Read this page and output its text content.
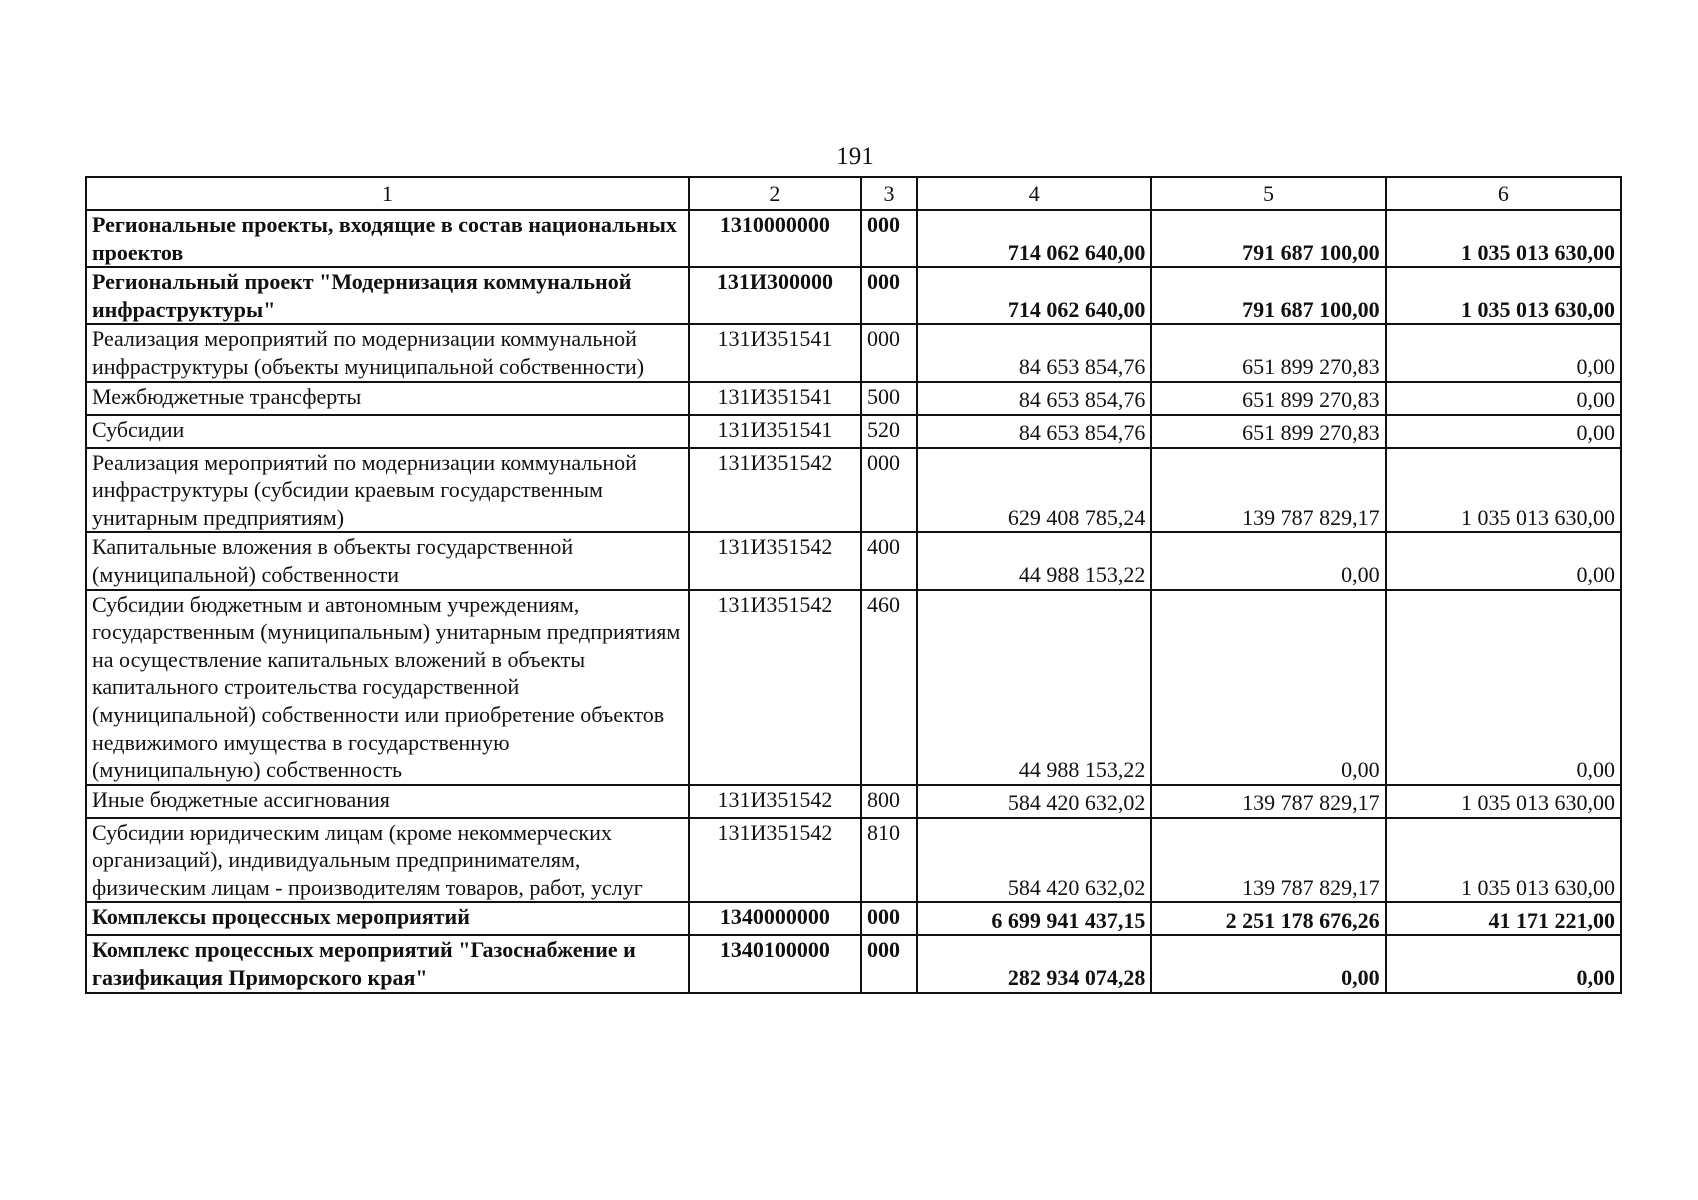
191
1	2	3	4	5	6
Региональные проекты, входящие в состав национальных проектов	1310000000	000	714 062 640,00	791 687 100,00	1 035 013 630,00
Региональный проект "Модернизация коммунальной инфраструктуры"	131И300000	000	714 062 640,00	791 687 100,00	1 035 013 630,00
Реализация мероприятий по модернизации коммунальной инфраструктуры (объекты муниципальной собственности)	131И351541	000	84 653 854,76	651 899 270,83	0,00
Межбюджетные трансферты	131И351541	500	84 653 854,76	651 899 270,83	0,00
Субсидии	131И351541	520	84 653 854,76	651 899 270,83	0,00
Реализация мероприятий по модернизации коммунальной инфраструктуры (субсидии краевым государственным унитарным предприятиям)	131И351542	000	629 408 785,24	139 787 829,17	1 035 013 630,00
Капитальные вложения в объекты государственной (муниципальной) собственности	131И351542	400	44 988 153,22	0,00	0,00
Субсидии бюджетным и автономным учреждениям, государственным (муниципальным) унитарным предприятиям на осуществление капитальных вложений в объекты капитального строительства государственной (муниципальной) собственности или приобретение объектов недвижимого имущества в государственную (муниципальную) собственность	131И351542	460	44 988 153,22	0,00	0,00
Иные бюджетные ассигнования	131И351542	800	584 420 632,02	139 787 829,17	1 035 013 630,00
Субсидии юридическим лицам (кроме некоммерческих организаций), индивидуальным предпринимателям, физическим лицам - производителям товаров, работ, услуг	131И351542	810	584 420 632,02	139 787 829,17	1 035 013 630,00
Комплексы процессных мероприятий	1340000000	000	6 699 941 437,15	2 251 178 676,26	41 171 221,00
Комплекс процессных мероприятий "Газоснабжение и газификация Приморского края"	1340100000	000	282 934 074,28	0,00	0,00
